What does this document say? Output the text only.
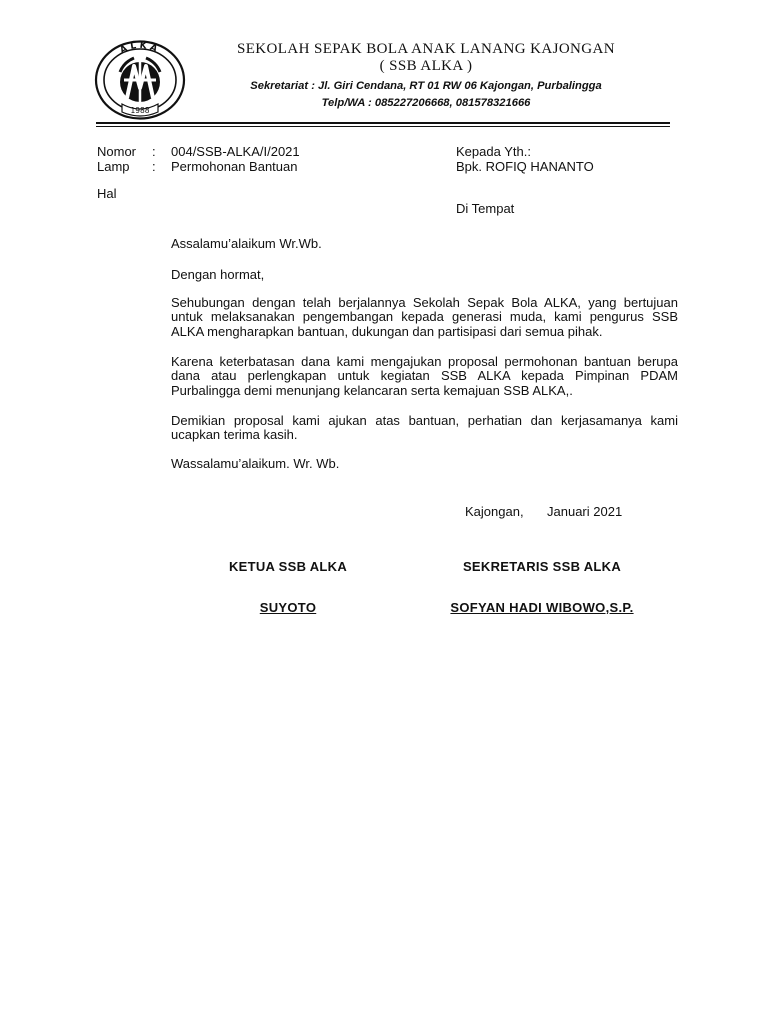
ALKA
1988
SEKOLAH SEPAK BOLA ANAK LANANG KAJONGAN
( SSB ALKA )
Sekretariat : Jl. Giri Cendana, RT 01 RW 06 Kajongan, Purbalingga
Telp/WA : 085227206668, 081578321666
Nomor : 004/SSB-ALKA/I/2021
Lamp : Permohonan Bantuan
Hal
Kepada Yth.:
Bpk. ROFIQ HANANTO
Di Tempat
Assalamu’alaikum Wr.Wb.
Dengan hormat,
Sehubungan dengan telah berjalannya Sekolah Sepak Bola ALKA, yang bertujuan untuk melaksanakan pengembangan kepada generasi muda, kami pengurus SSB ALKA mengharapkan bantuan, dukungan dan partisipasi dari semua pihak.
Karena keterbatasan dana kami mengajukan proposal permohonan bantuan berupa dana atau perlengkapan untuk kegiatan SSB ALKA kepada Pimpinan PDAM Purbalingga demi menunjang kelancaran serta kemajuan SSB ALKA,.
Demikian proposal kami ajukan atas bantuan, perhatian dan kerjasamanya kami ucapkan terima kasih.
Wassalamu’alaikum. Wr. Wb.
Kajongan, Januari 2021
KETUA SSB ALKA	SEKRETARIS SSB ALKA
SUYOTO	SOFYAN HADI WIBOWO,S.P.
